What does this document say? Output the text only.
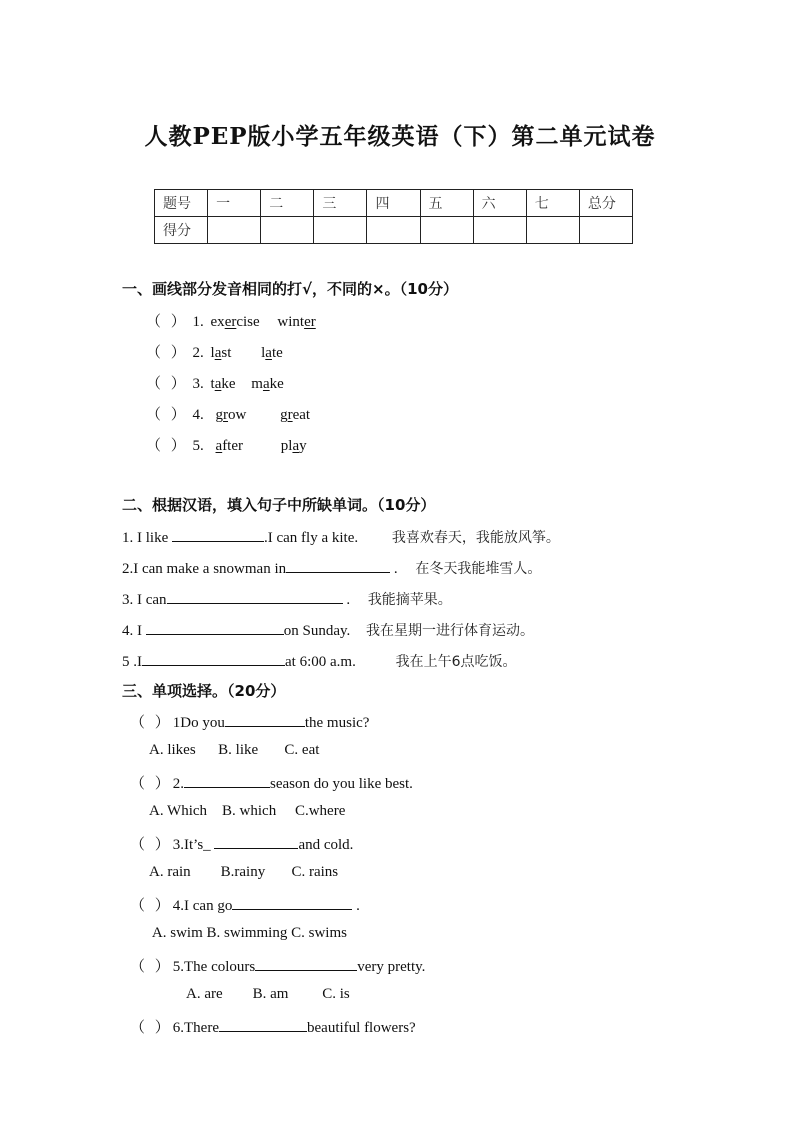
人教PEP版小学五年级英语（下）第二单元试卷
题号	一	二	三	四	五	六	七	总分
得分								
一、画线部分发音相同的打√，不同的×。（10分）
（ ） 1. exercise winter
（ ） 2. last late
（ ） 3. take make
（ ） 4. grow great
（ ） 5. after	play
二、根据汉语，填入句子中所缺单词。（10分）
1. I like	.I can fly a kite. 我喜欢春天，我能放风筝。
2.I can make a snowman in	. 在冬天我能堆雪人。
3. I can	. 我能摘苹果。
4. I	on Sunday. 我在星期一进行体育运动。
5 .I	at 6:00 a.m.	我在上午6点吃饭。
三、单项选择。（20分）
（ ）1Do you	the music?
A. likes      B. like       C. eat
（ ）2.	season do you like best.
A. Which    B. which     C.where
（ ）3.It’s_	and cold.
A. rain        B.rainy       C. rains
（ ）4.I can go	.
A. swim B. swimming C. swims
（ ）5.The colours	very pretty.
A. are        B. am         C. is
（ ）6.There	beautiful flowers?
